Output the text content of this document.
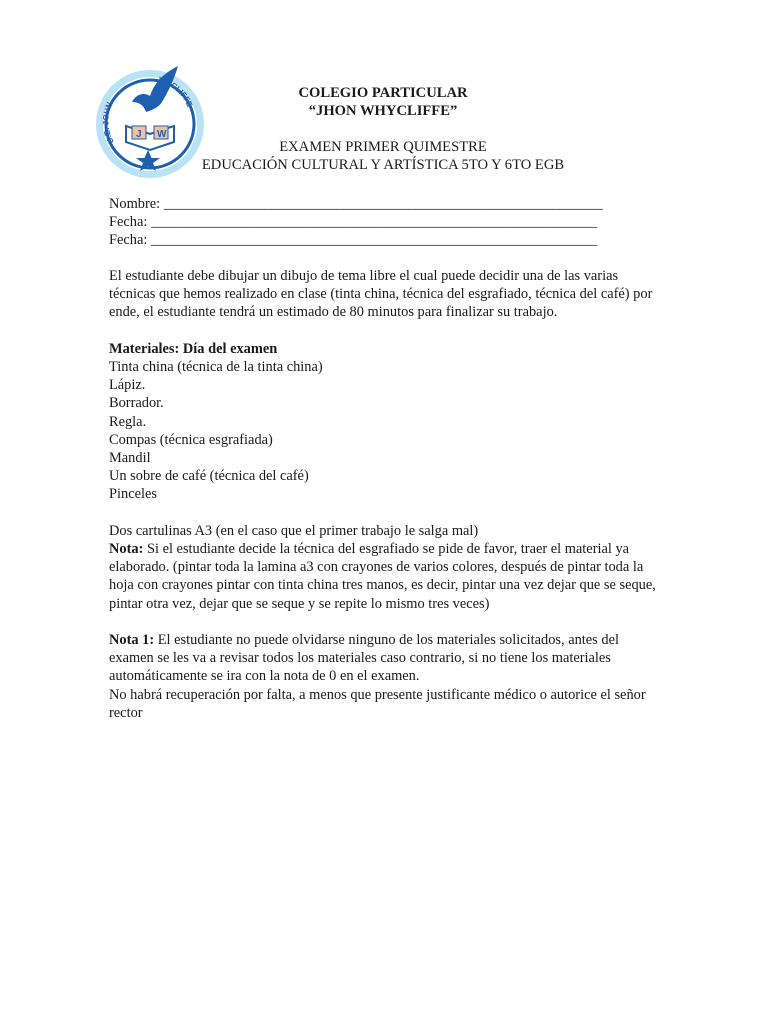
J W
U.E. JOHN
WYCLIFFE
COLEGIO PARTICULAR
“JHON WHYCLIFFE”
EXAMEN PRIMER QUIMESTRE
EDUCACIÓN CULTURAL Y ARTÍSTICA 5TO Y 6TO EGB
Nombre: _____________________________________________________________
Fecha: ______________________________________________________________
Fecha: ______________________________________________________________

El estudiante debe dibujar un dibujo de tema libre el cual puede decidir una de las varias técnicas que hemos realizado en clase (tinta china, técnica del esgrafiado, técnica del café) por ende, el estudiante tendrá un estimado de 80 minutos para finalizar su trabajo.

Materiales: Día del examen

Tinta china (técnica de la tinta china)

Lápiz.

Borrador.

Regla.

Compas (técnica esgrafiada)

Mandil

Un sobre de café (técnica del café)

Pinceles

Dos cartulinas A3 (en el caso que el primer trabajo le salga mal)

Nota: Si el estudiante decide la técnica del esgrafiado se pide de favor, traer el material ya elaborado. (pintar toda la lamina a3 con crayones de varios colores, después de pintar toda la hoja con crayones pintar con tinta china tres manos, es decir, pintar una vez dejar que se seque, pintar otra vez, dejar que se seque y se repite lo mismo tres veces)

Nota 1: El estudiante no puede olvidarse ninguno de los materiales solicitados, antes del examen se les va a revisar todos los materiales caso contrario, si no tiene los materiales automáticamente se ira con la nota de 0 en el examen.

No habrá recuperación por falta, a menos que presente justificante médico o autorice el señor rector
